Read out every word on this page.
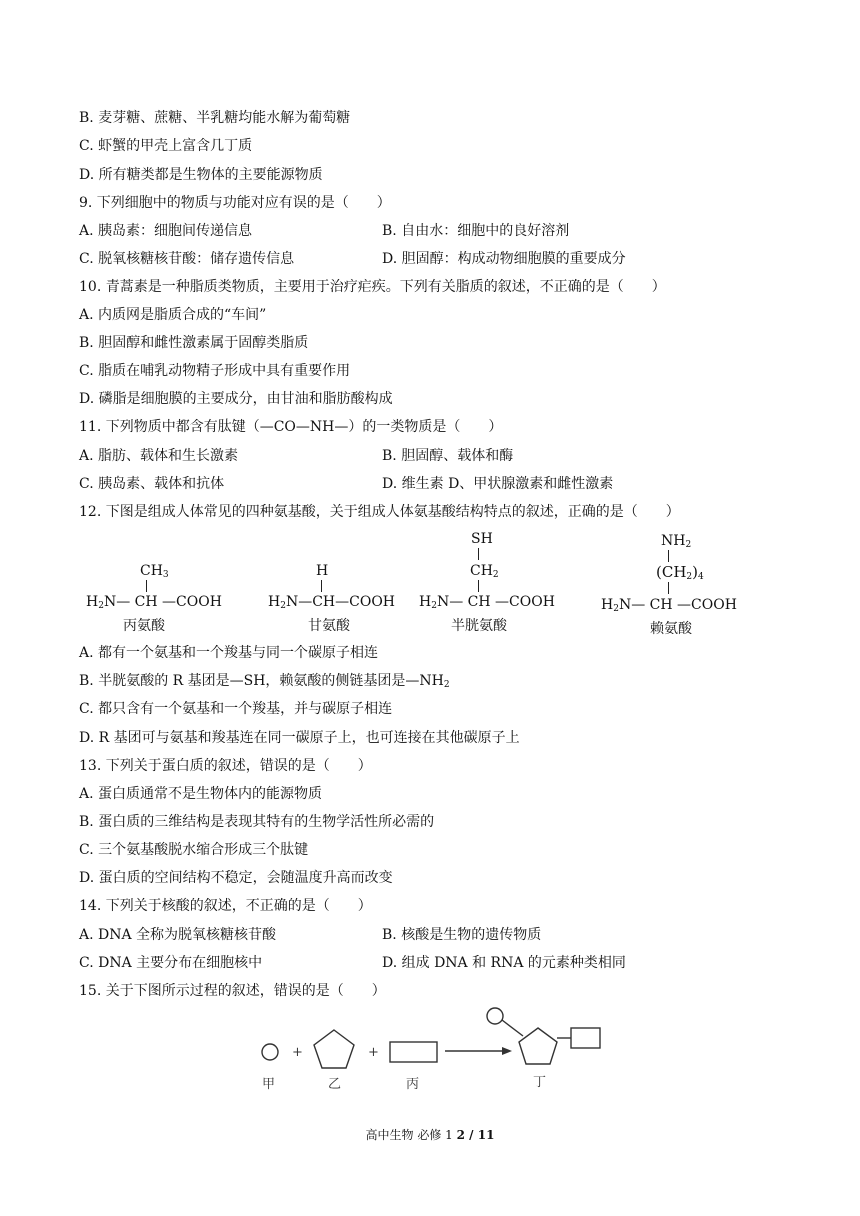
B. 麦芽糖、蔗糖、半乳糖均能水解为葡萄糖
C. 虾蟹的甲壳上富含几丁质
D. 所有糖类都是生物体的主要能源物质
9. 下列细胞中的物质与功能对应有误的是（　　）
A. 胰岛素：细胞间传递信息	B. 自由水：细胞中的良好溶剂
C. 脱氧核糖核苷酸：储存遗传信息	D. 胆固醇：构成动物细胞膜的重要成分
10. 青蒿素是一种脂质类物质，主要用于治疗疟疾。下列有关脂质的叙述，不正确的是（　　）
A. 内质网是脂质合成的“车间”
B. 胆固醇和雌性激素属于固醇类脂质
C. 脂质在哺乳动物精子形成中具有重要作用
D. 磷脂是细胞膜的主要成分，由甘油和脂肪酸构成
11. 下列物质中都含有肽键（—CO—NH—）的一类物质是（　　）
A. 脂肪、载体和生长激素	B. 胆固醇、载体和酶
C. 胰岛素、载体和抗体	D. 维生素 D、甲状腺激素和雌性激素
12. 下图是组成人体常见的四种氨基酸，关于组成人体氨基酸结构特点的叙述，正确的是（　　）
$CH_3$
$H_2N—$ CH —COOH
丙氨酸
H
$H_2N—CH—COOH$
甘氨酸
SH
$CH_2$
$H_2N—$ CH —COOH
半胱氨酸
$NH_2$
$(CH_2)_4$
$H_2N—$ CH —COOH
赖氨酸
A. 都有一个氨基和一个羧基与同一个碳原子相连
B. 半胱氨酸的 R 基团是—SH，赖氨酸的侧链基团是$—NH_2$
C. 都只含有一个氨基和一个羧基，并与碳原子相连
D. R 基团可与氨基和羧基连在同一碳原子上，也可连接在其他碳原子上
13. 下列关于蛋白质的叙述，错误的是（　　）
A. 蛋白质通常不是生物体内的能源物质
B. 蛋白质的三维结构是表现其特有的生物学活性所必需的
C. 三个氨基酸脱水缩合形成三个肽键
D. 蛋白质的空间结构不稳定，会随温度升高而改变
14. 下列关于核酸的叙述，不正确的是（　　）
A. DNA 全称为脱氧核糖核苷酸	B. 核酸是生物的遗传物质
C. DNA 主要分布在细胞核中	D. 组成 DNA 和 RNA 的元素种类相同
15. 关于下图所示过程的叙述，错误的是（　　）
+	+
甲	乙	丙	丁
高中生物 必修 1 2 / 11
